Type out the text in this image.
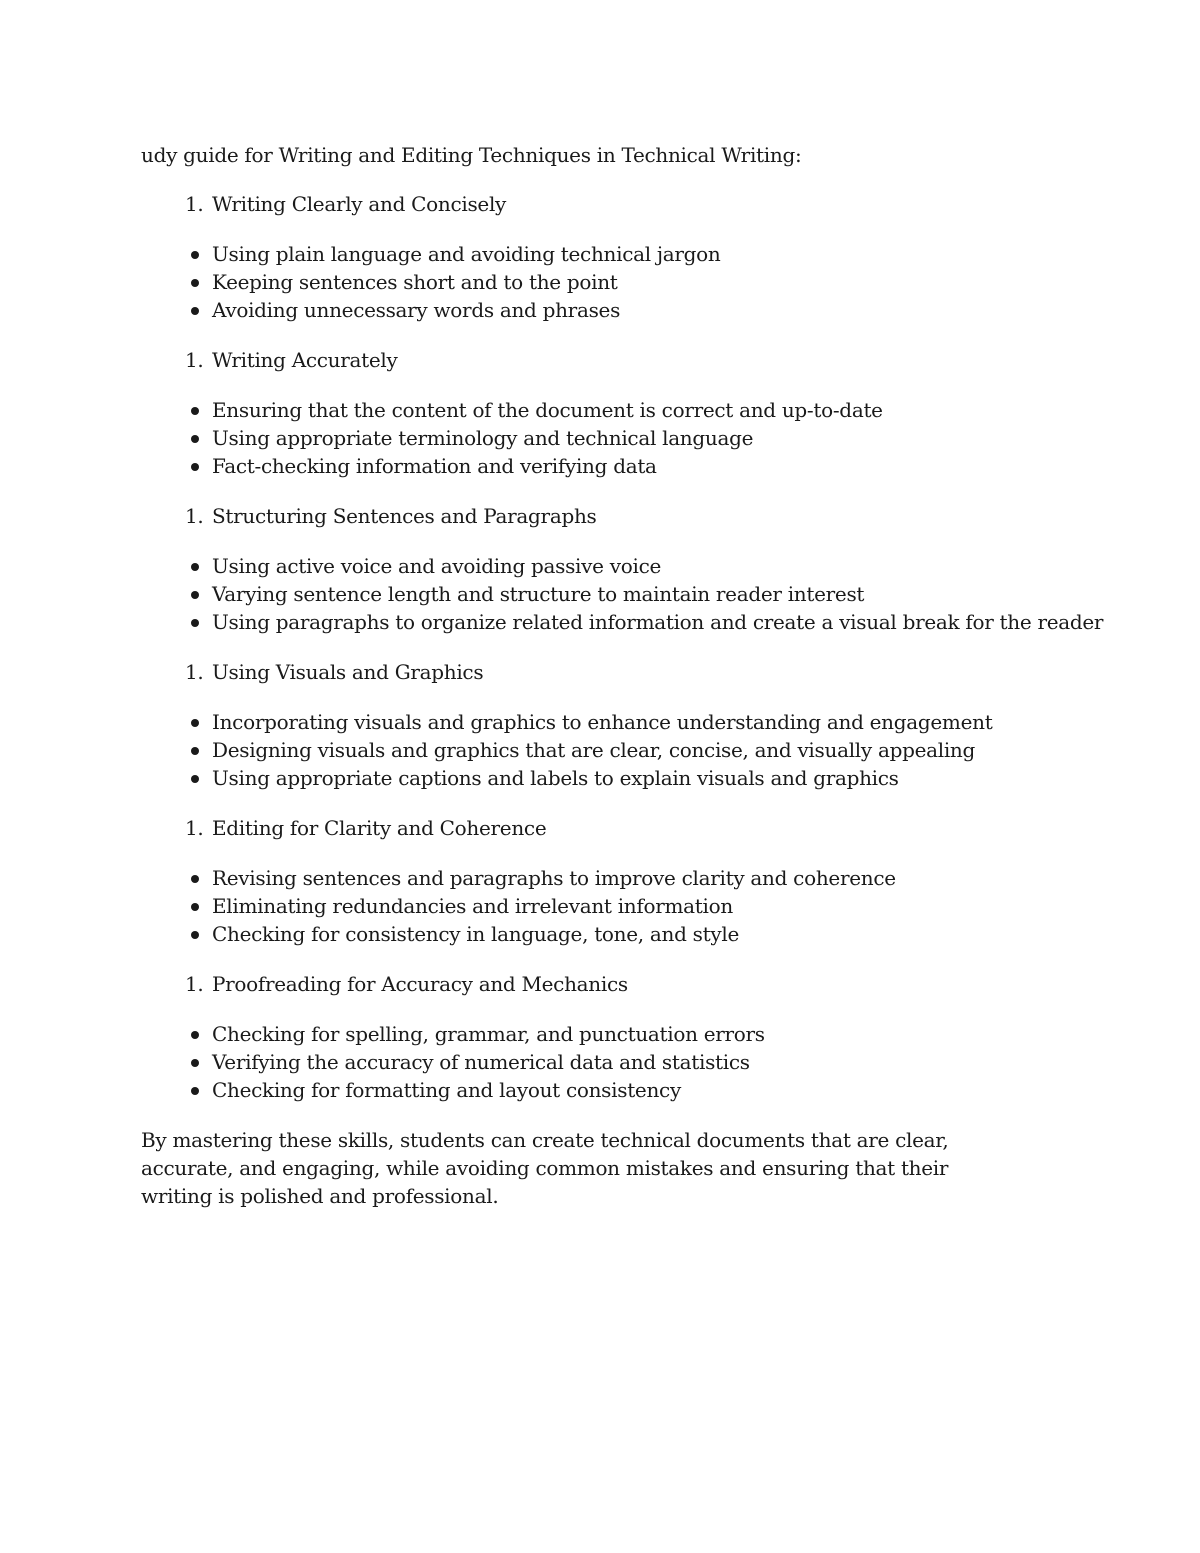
udy guide for Writing and Editing Techniques in Technical Writing:

1. Writing Clearly and Concisely

Using plain language and avoiding technical jargon
Keeping sentences short and to the point
Avoiding unnecessary words and phrases

1. Writing Accurately

Ensuring that the content of the document is correct and up-to-date
Using appropriate terminology and technical language
Fact-checking information and verifying data

1. Structuring Sentences and Paragraphs

Using active voice and avoiding passive voice
Varying sentence length and structure to maintain reader interest
Using paragraphs to organize related information and create a visual break for the reader

1. Using Visuals and Graphics

Incorporating visuals and graphics to enhance understanding and engagement
Designing visuals and graphics that are clear, concise, and visually appealing
Using appropriate captions and labels to explain visuals and graphics

1. Editing for Clarity and Coherence

Revising sentences and paragraphs to improve clarity and coherence
Eliminating redundancies and irrelevant information
Checking for consistency in language, tone, and style

1. Proofreading for Accuracy and Mechanics

Checking for spelling, grammar, and punctuation errors
Verifying the accuracy of numerical data and statistics
Checking for formatting and layout consistency

By mastering these skills, students can create technical documents that are clear, accurate, and engaging, while avoiding common mistakes and ensuring that their writing is polished and professional.
